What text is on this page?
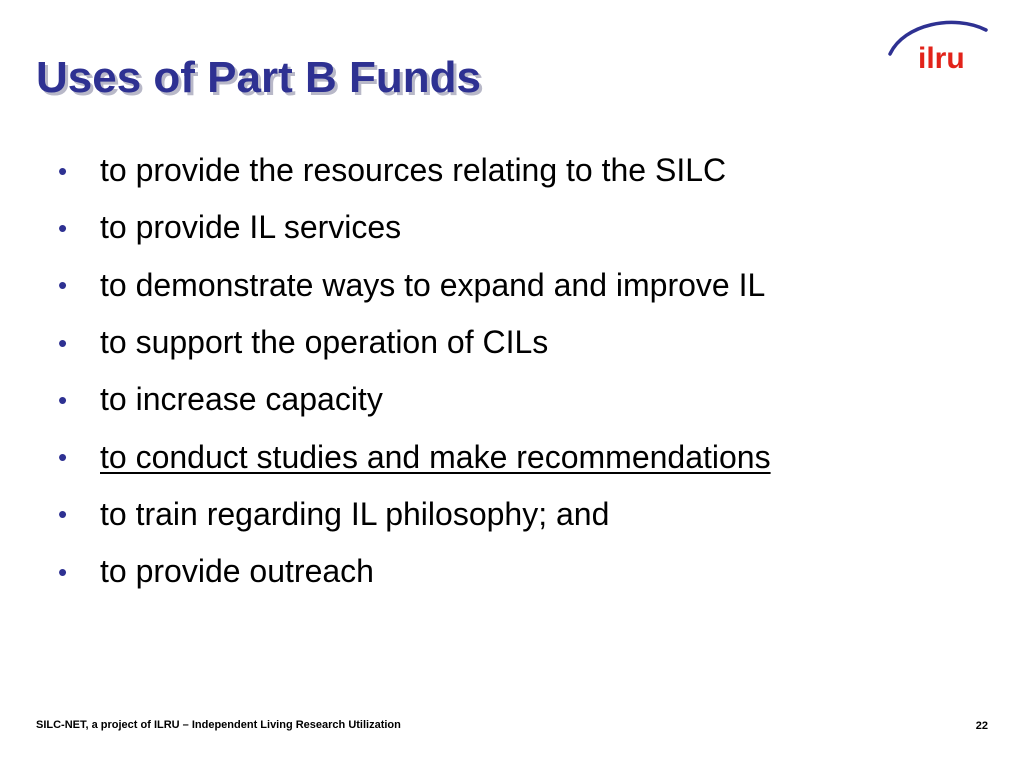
Uses of Part B Funds	ilru
•	to provide the resources relating to the SILC
•	to provide IL services
•	to demonstrate ways to expand and improve IL
•	to support the operation of CILs
•	to increase capacity
•	to conduct studies and make recommendations
•	to train regarding IL philosophy; and
•	to provide outreach
SILC-NET, a project of ILRU – Independent Living Research Utilization	22
